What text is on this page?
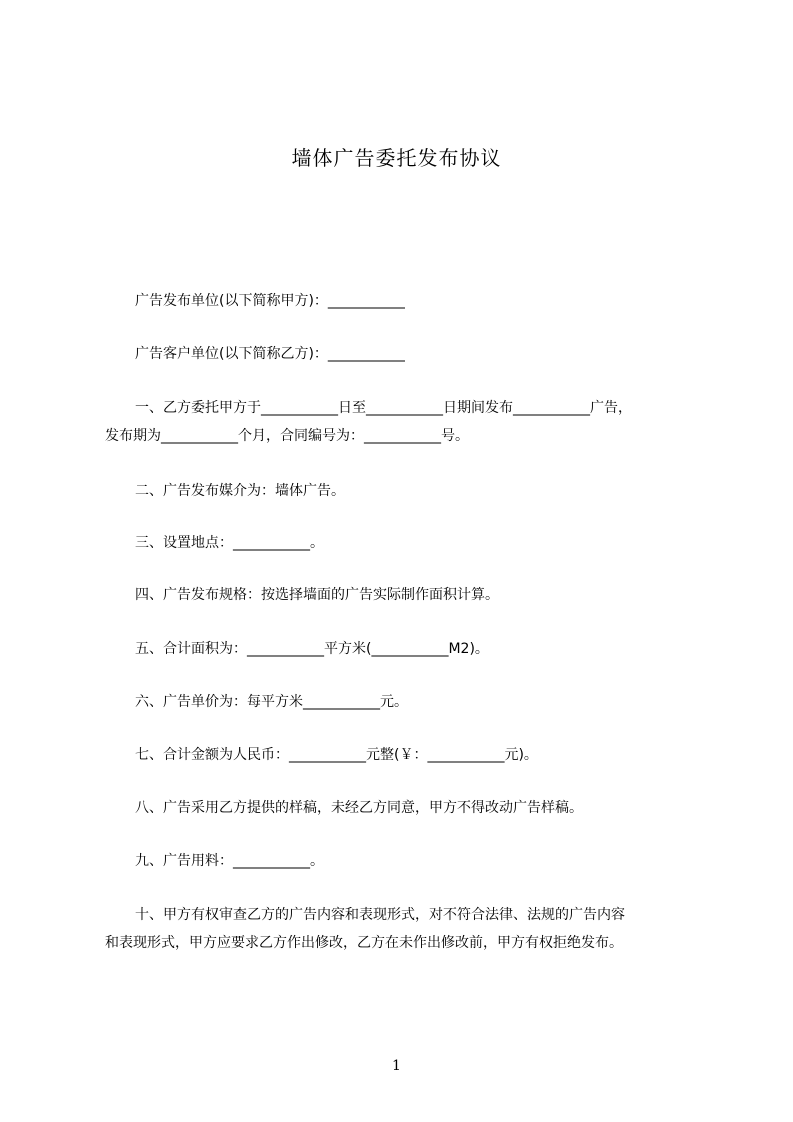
墙体广告委托发布协议
广告发布单位(以下简称甲方)：___________
广告客户单位(以下简称乙方)：___________
一、乙方委托甲方于___________日至___________日期间发布___________广告，
发布期为___________个月，合同编号为：___________号。
二、广告发布媒介为：墙体广告。
三、设置地点：___________。
四、广告发布规格：按选择墙面的广告实际制作面积计算。
五、合计面积为：___________平方米(___________M2)。
六、广告单价为：每平方米___________元。
七、合计金额为人民币：___________元整(￥：___________元)。
八、广告采用乙方提供的样稿，未经乙方同意，甲方不得改动广告样稿。
九、广告用料：___________。
十、甲方有权审查乙方的广告内容和表现形式，对不符合法律、法规的广告内容
和表现形式，甲方应要求乙方作出修改，乙方在未作出修改前，甲方有权拒绝发布。
1
